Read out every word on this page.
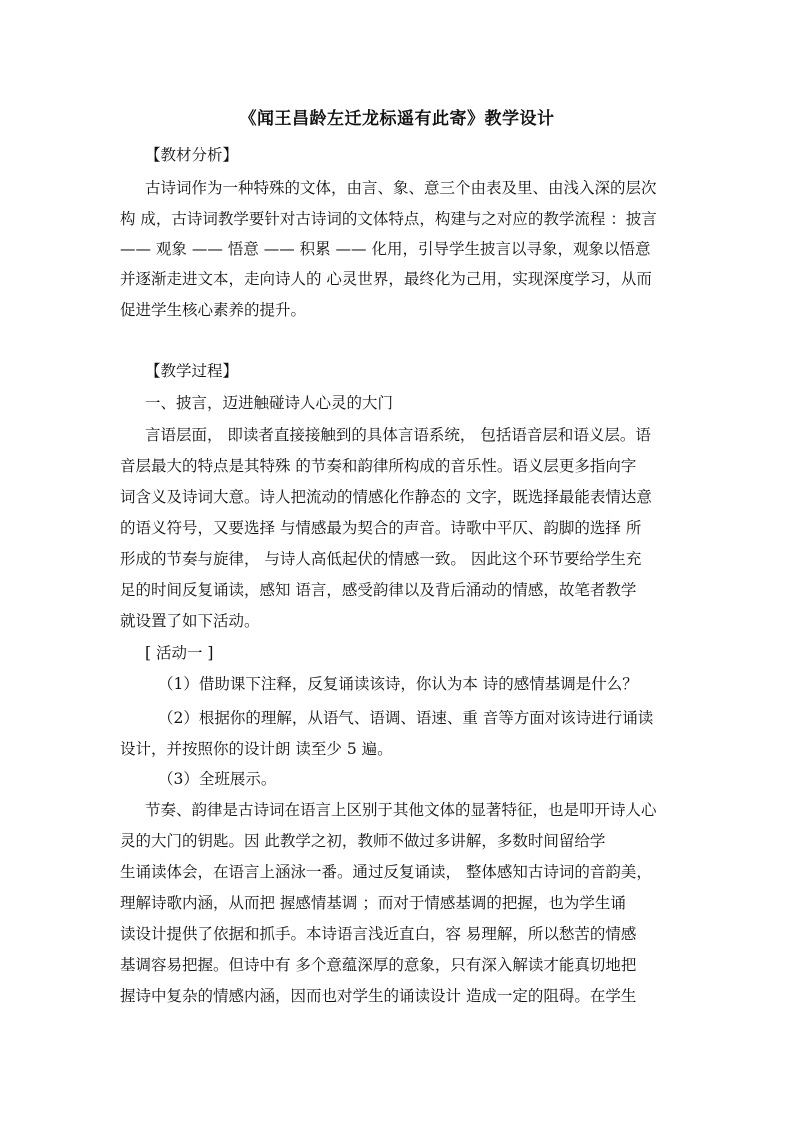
《闻王昌龄左迁龙标遥有此寄》教学设计
【教材分析】
古诗词作为一种特殊的文体，由言、象、意三个由表及里、由浅入深的层次
构 成，古诗词教学要针对古诗词的文体特点，构建与之对应的教学流程 ：披言
—— 观象 —— 悟意 —— 积累 —— 化用，引导学生披言以寻象，观象以悟意
并逐渐走进文本，走向诗人的 心灵世界，最终化为己用，实现深度学习，从而
促进学生核心素养的提升。
【教学过程】
一、披言，迈进触碰诗人心灵的大门
言语层面， 即读者直接接触到的具体言语系统， 包括语音层和语义层。语
音层最大的特点是其特殊 的节奏和韵律所构成的音乐性。语义层更多指向字
词含义及诗词大意。诗人把流动的情感化作静态的 文字，既选择最能表情达意
的语义符号，又要选择 与情感最为契合的声音。诗歌中平仄、韵脚的选择 所
形成的节奏与旋律， 与诗人高低起伏的情感一致。 因此这个环节要给学生充
足的时间反复诵读，感知 语言，感受韵律以及背后涌动的情感，故笔者教学
就设置了如下活动。
[ 活动一 ]
（1）借助课下注释，反复诵读该诗，你认为本 诗的感情基调是什么？
（2）根据你的理解，从语气、语调、语速、重 音等方面对该诗进行诵读
设计，并按照你的设计朗 读至少 5 遍。
（3）全班展示。
节奏、韵律是古诗词在语言上区别于其他文体的显著特征，也是叩开诗人心
灵的大门的钥匙。因 此教学之初，教师不做过多讲解，多数时间留给学
生诵读体会，在语言上涵泳一番。通过反复诵读， 整体感知古诗词的音韵美，
理解诗歌内涵，从而把 握感情基调 ；而对于情感基调的把握，也为学生诵
读设计提供了依据和抓手。本诗语言浅近直白，容 易理解，所以愁苦的情感
基调容易把握。但诗中有 多个意蕴深厚的意象，只有深入解读才能真切地把
握诗中复杂的情感内涵，因而也对学生的诵读设计 造成一定的阻碍。在学生
